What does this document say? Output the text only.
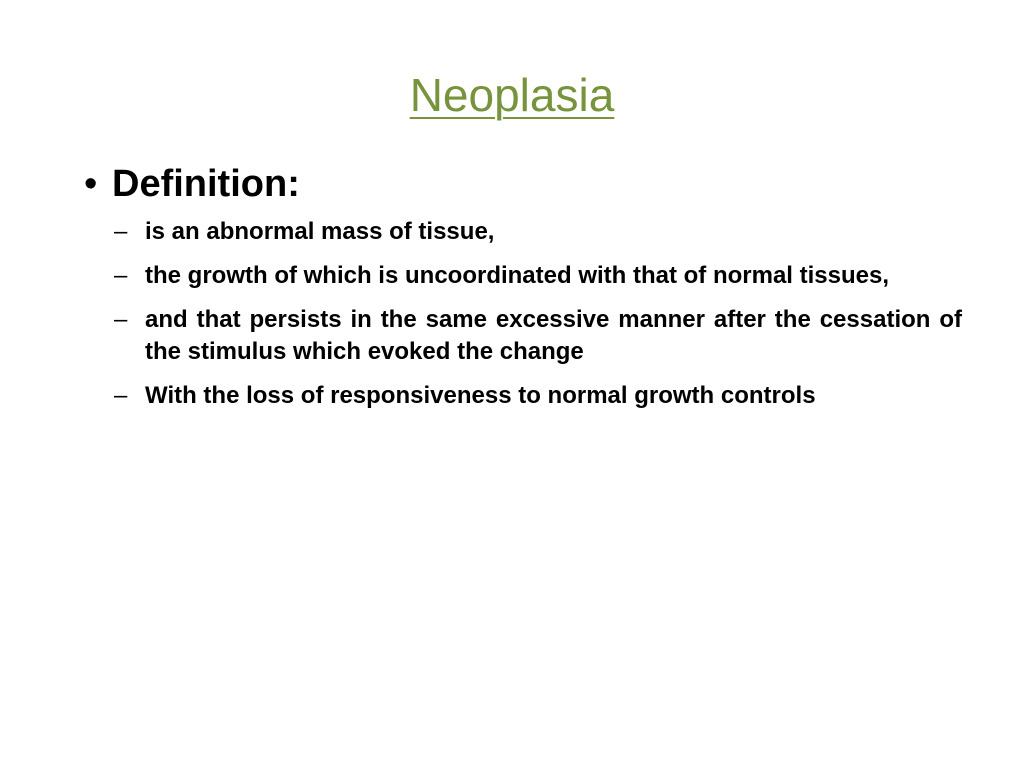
Neoplasia
• Definition:
– is an abnormal mass of tissue,
– the growth of which is uncoordinated with that of normal tissues,
– and that persists in the same excessive manner after the cessation of the stimulus which evoked the change
– With the loss of responsiveness to normal growth controls
